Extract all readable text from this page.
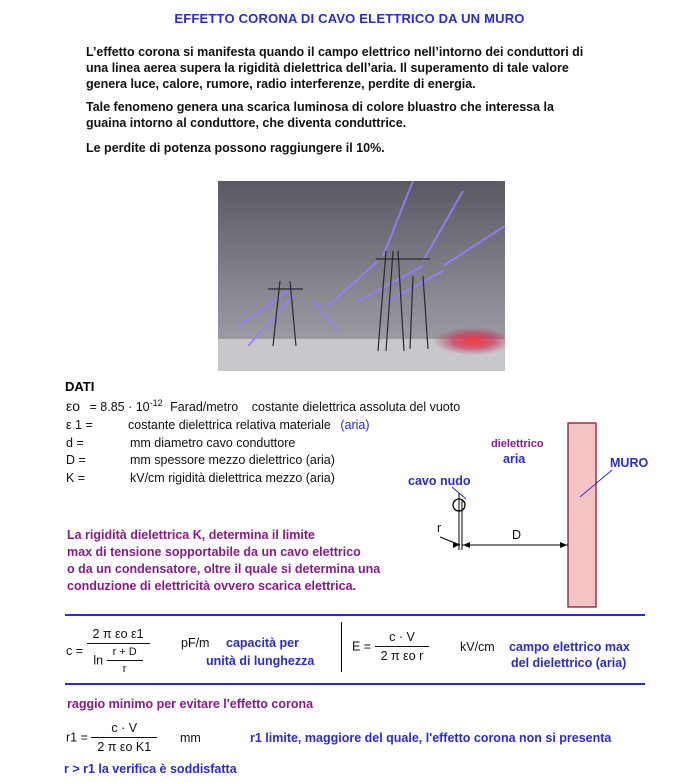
EFFETTO CORONA DI CAVO ELETTRICO DA UN MURO
L’effetto corona si manifesta quando il campo elettrico nell’intorno dei conduttori di
una linea aerea supera la rigidità dielettrica dell’aria. Il superamento di tale valore
genera luce, calore, rumore, radio interferenze, perdite di energia.
Tale fenomeno genera una scarica luminosa di colore bluastro che interessa la
guaina intorno al conduttore, che diventa conduttrice.
Le perdite di potenza possono raggiungere il 10%.
DATI
$\varepsilon o = 8.85 \cdot 10^{-12}$ Farad/metro costante dielettrica assoluta del vuoto
ε 1 =	costante dielettrica relativa materiale (aria)
d =	mm diametro cavo conduttore
D =	mm spessore mezzo dielettrico (aria)
K =	kV/cm rigidità dielettrica mezzo (aria)
dielettrico
aria	MURO
cavo nudo
r	D
La rigidità dielettrica K, determina il limite
max di tensione sopportabile da un cavo elettrico
o da un condensatore, oltre il quale si determina una
conduzione di elettricità ovvero scarica elettrica.
$c = \frac{\text{2 π εo ε1}}{\ln \frac{r + D}{r}}$	pF/m capacità per
unità di lunghezza
$E = \frac{c \cdot V}{\text{2 π εo r}} kV/cm$ campo elettrico max
del dielettrico (aria)
raggio minimo per evitare l'effetto corona
$r1 = \frac{c \cdot V}{\text{2 π εo K1}}$ mm	r1 limite, maggiore del quale, l'effetto corona non si presenta
r > r1 la verifica è soddisfatta
